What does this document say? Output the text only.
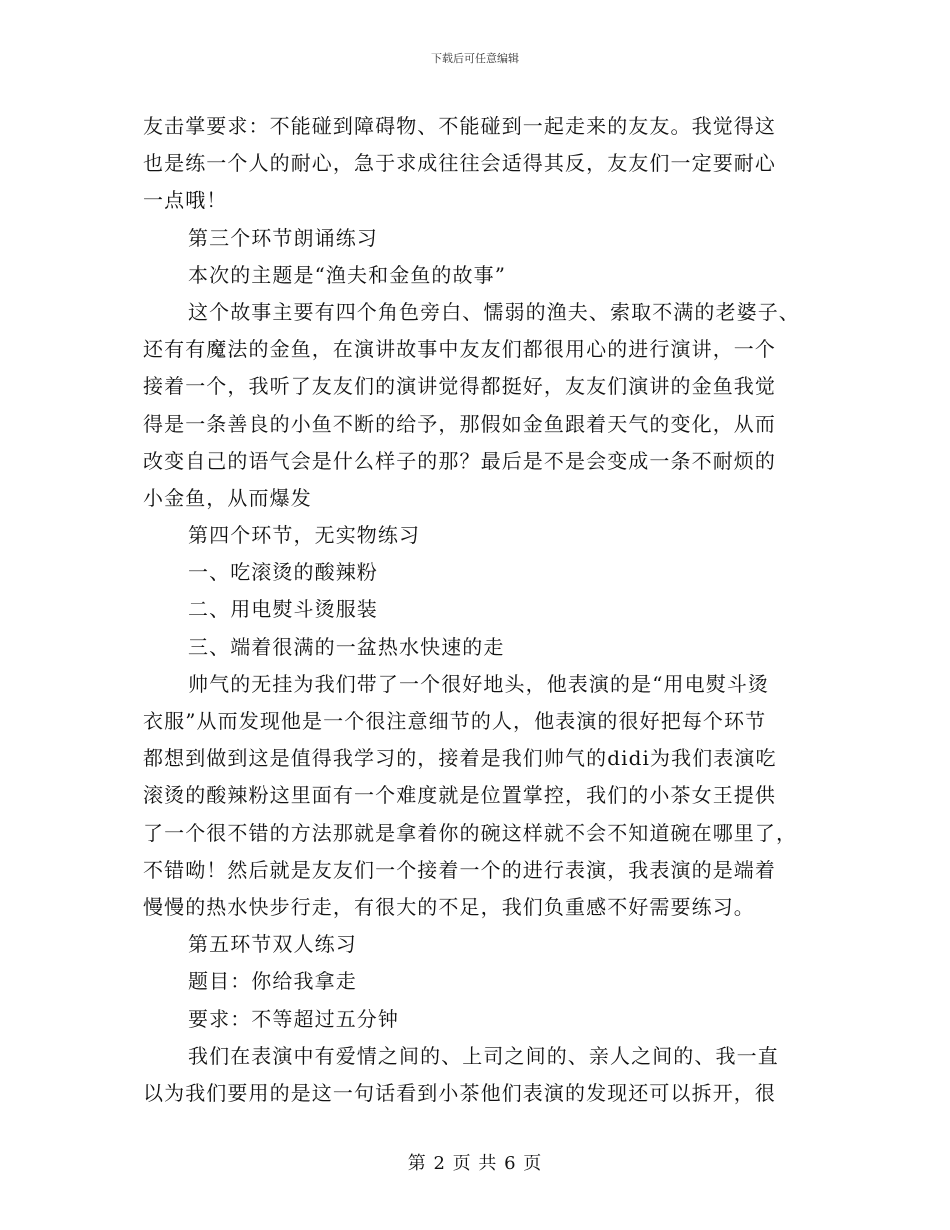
下载后可任意编辑
友击掌要求：不能碰到障碍物、不能碰到一起走来的友友。我觉得这
也是练一个人的耐心，急于求成往往会适得其反，友友们一定要耐心
一点哦！
第三个环节朗诵练习
本次的主题是“渔夫和金鱼的故事”
这个故事主要有四个角色旁白、懦弱的渔夫、索取不满的老婆子、
还有有魔法的金鱼，在演讲故事中友友们都很用心的进行演讲，一个
接着一个，我听了友友们的演讲觉得都挺好，友友们演讲的金鱼我觉
得是一条善良的小鱼不断的给予，那假如金鱼跟着天气的变化，从而
改变自己的语气会是什么样子的那？最后是不是会变成一条不耐烦的
小金鱼，从而爆发
第四个环节，无实物练习
一、吃滚烫的酸辣粉
二、用电熨斗烫服装
三、端着很满的一盆热水快速的走
帅气的无挂为我们带了一个很好地头，他表演的是“用电熨斗烫
衣服”从而发现他是一个很注意细节的人，他表演的很好把每个环节
都想到做到这是值得我学习的，接着是我们帅气的didi为我们表演吃
滚烫的酸辣粉这里面有一个难度就是位置掌控，我们的小茶女王提供
了一个很不错的方法那就是拿着你的碗这样就不会不知道碗在哪里了，
不错呦！然后就是友友们一个接着一个的进行表演，我表演的是端着
慢慢的热水快步行走，有很大的不足，我们负重感不好需要练习。
第五环节双人练习
题目：你给我拿走
要求：不等超过五分钟
我们在表演中有爱情之间的、上司之间的、亲人之间的、我一直
以为我们要用的是这一句话看到小茶他们表演的发现还可以拆开，很
第 2 页 共 6 页
